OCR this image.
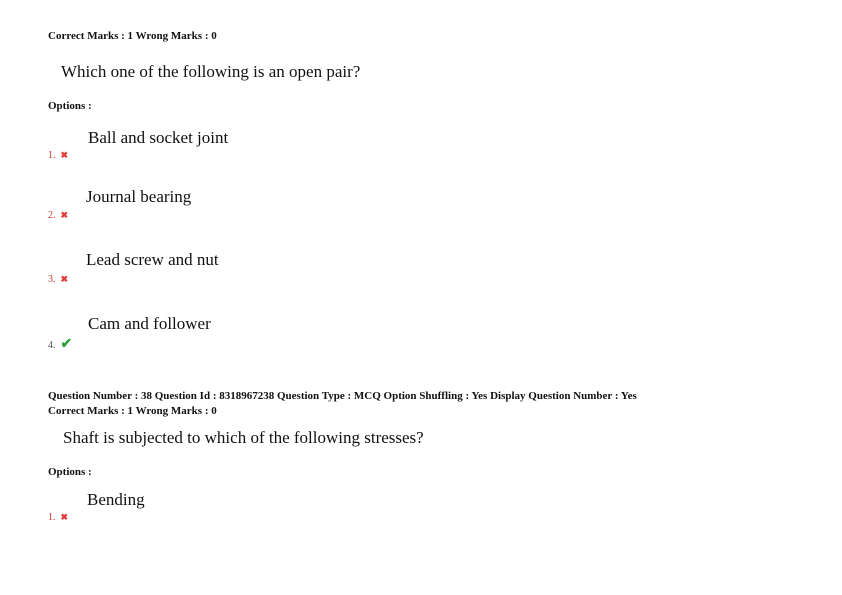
Correct Marks : 1 Wrong Marks : 0
Which one of the following is an open pair?
Options :
Ball and socket joint
1. ✖
Journal bearing
2. ✖
Lead screw and nut
3. ✖
Cam and follower
4. ✔
Question Number : 38 Question Id : 8318967238 Question Type : MCQ Option Shuffling : Yes Display Question Number : Yes
Correct Marks : 1 Wrong Marks : 0
Shaft is subjected to which of the following stresses?
Options :
Bending
1. ✖
